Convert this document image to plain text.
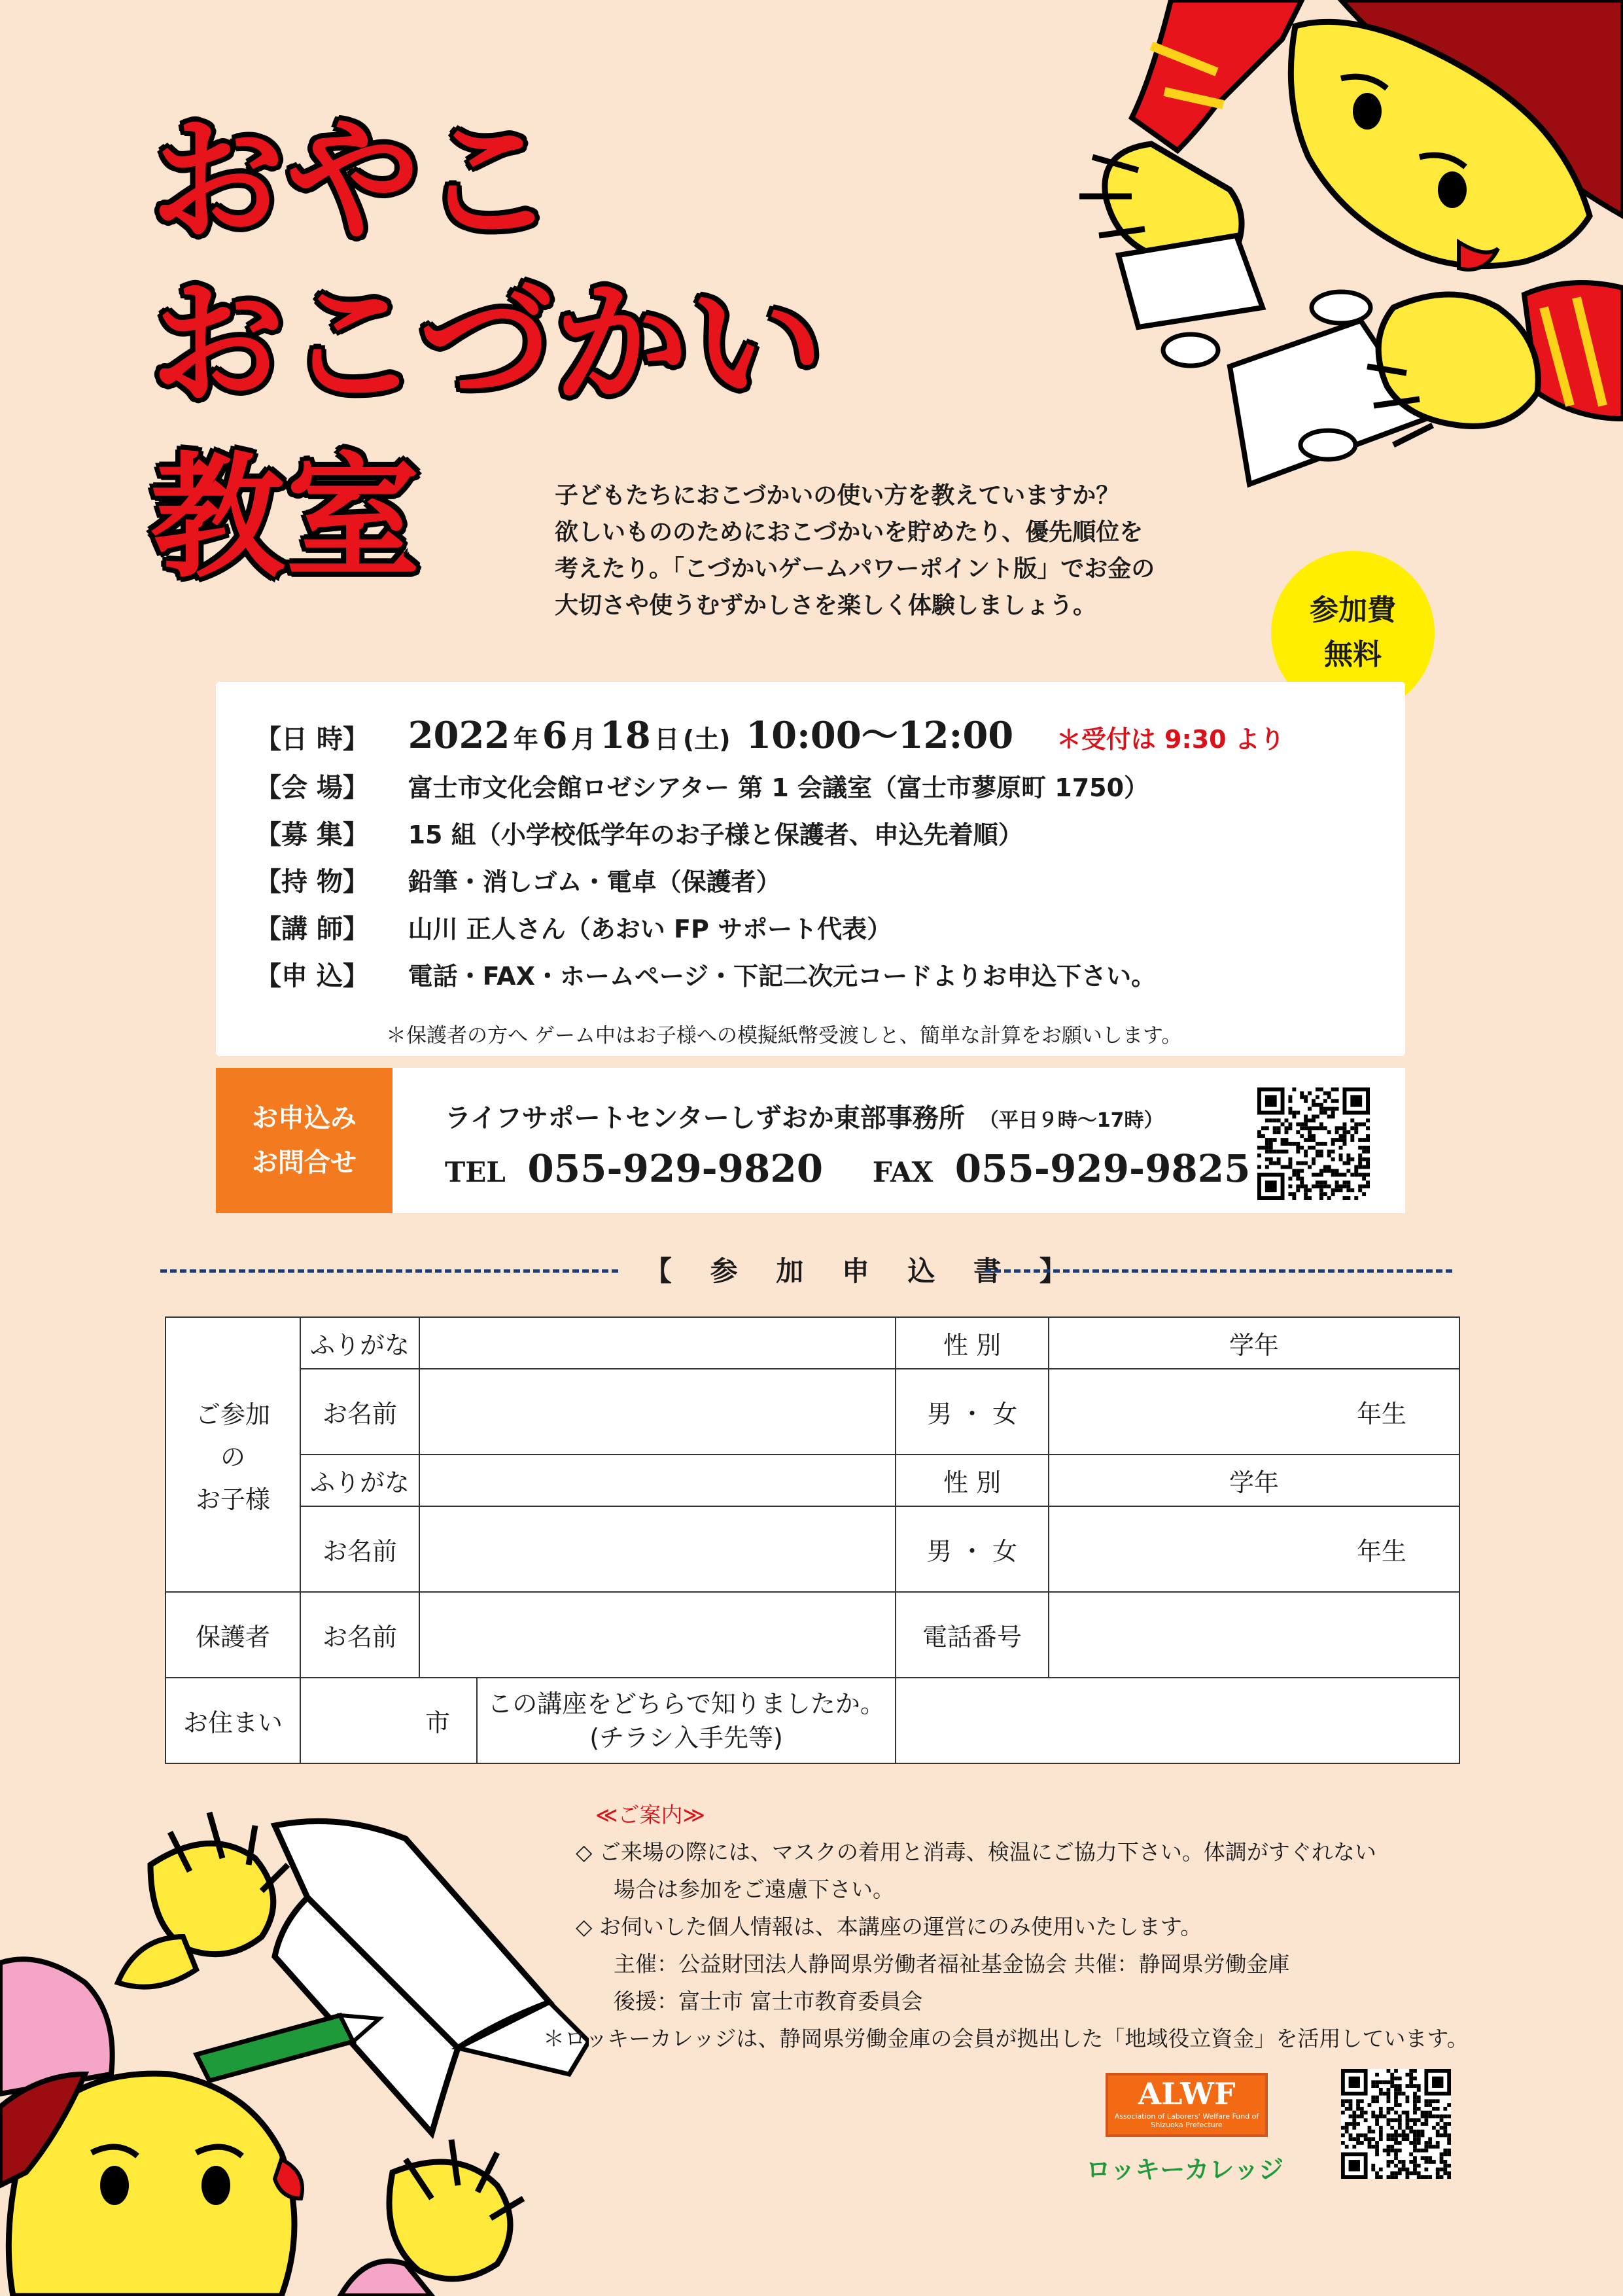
おやこ
おこづかい
教室	子どもたちにおこづかいの使い方を教えていますか？
欲しいもののためにおこづかいを貯めたり、優先順位を
考えたり。「こづかいゲームパワーポイント版」でお金の
大切さや使うむずかしさを楽しく体験しましょう。	参加費
無料
【日 時】 2022 年 6 月 18 日 (土) 10:00〜12:00 ＊受付は 9:30 より
【会 場】 富士市文化会館ロゼシアター 第 1 会議室（富士市蓼原町 1750）
【募 集】 15 組（小学校低学年のお子様と保護者、申込先着順）
【持 物】 鉛筆・消しゴム・電卓（保護者）
【講 師】 山川 正人さん（あおい FP サポート代表）
【申 込】 電話・FAX・ホームページ・下記二次元コードよりお申込下さい。
＊保護者の方へ ゲーム中はお子様への模擬紙幣受渡しと、簡単な計算をお願いします。
お申込み
お問合せ
ライフサポートセンターしずおか東部事務所 （平日９時〜17時）
TEL 055-929-9820 FAX 055-929-9825
【 参 加 申 込 書 】
ご参加
の
お子様	ふりがな			性 別	学年
	お名前			男 ・ 女	年生
	ふりがな			性 別	学年
	お名前			男 ・ 女	年生
保護者	お名前			電話番号	
お住まい	市		この講座をどちらで知りましたか。
(チラシ入手先等)		

≪ご案内≫
◇ ご来場の際には、マスクの着用と消毒、検温にご協力下さい。体調がすぐれない
場合は参加をご遠慮下さい。
◇ お伺いした個人情報は、本講座の運営にのみ使用いたします。
主催：公益財団法人静岡県労働者福祉基金協会 共催：静岡県労働金庫
後援：富士市 富士市教育委員会
＊ロッキーカレッジは、静岡県労働金庫の会員が拠出した「地域役立資金」を活用しています。
ALWF
Association of Laborers' Welfare Fund of Shizuoka Prefecture
ロッキーカレッジ
